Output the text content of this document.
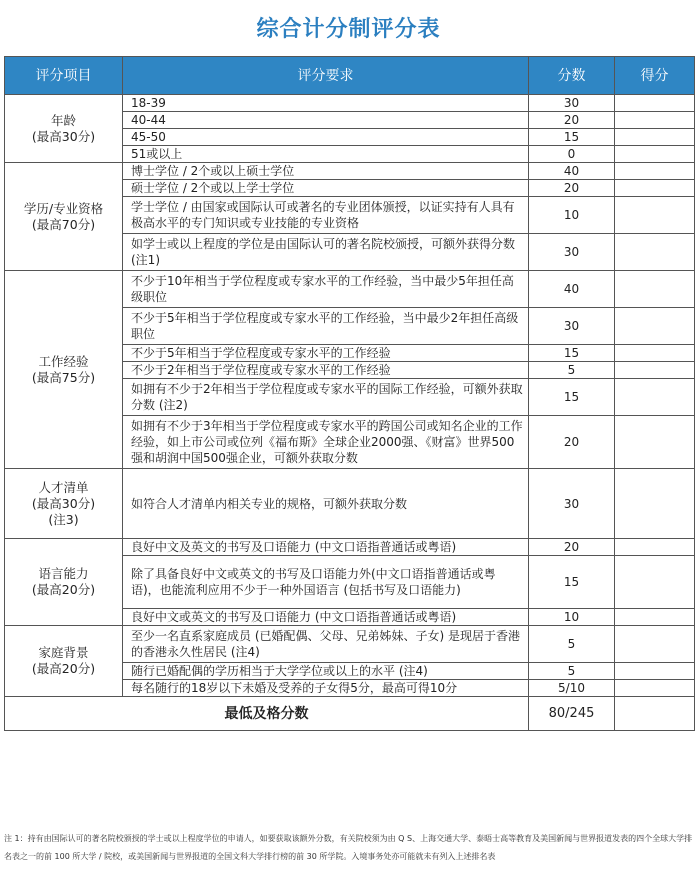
综合计分制评分表
评分项目	评分要求	分数	得分

年龄
(最高30分)	18-39	30	
	40-44	20	
	45-50	15	
	51或以上	0	

学历/专业资格
(最高70分)	博士学位 / 2个或以上硕士学位	40	
	硕士学位 / 2个或以上学士学位	20	
	学士学位 / 由国家或国际认可或著名的专业团体颁授，以证实持有人具有极高水平的专门知识或专业技能的专业资格	10	
	如学士或以上程度的学位是由国际认可的著名院校颁授，可额外获得分数 (注1)	30	

工作经验
(最高75分)	不少于10年相当于学位程度或专家水平的工作经验，当中最少5年担任高级职位	40	
	不少于5年相当于学位程度或专家水平的工作经验，当中最少2年担任高级职位	30	
	不少于5年相当于学位程度或专家水平的工作经验	15	
	不少于2年相当于学位程度或专家水平的工作经验	5	
	如拥有不少于2年相当于学位程度或专家水平的国际工作经验，可额外获取分数 (注2)	15	
	如拥有不少于3年相当于学位程度或专家水平的跨国公司或知名企业的工作经验，如上市公司或位列《福布斯》全球企业2000强、《财富》世界500强和胡润中国500强企业，可额外获取分数	20	

人才清单
(最高30分)
(注3)	如符合人才清单内相关专业的规格，可额外获取分数	30	

语言能力
(最高20分)	良好中文及英文的书写及口语能力 (中文口语指普通话或粤语)	20	
	除了具备良好中文或英文的书写及口语能力外(中文口语指普通话或粤语)，也能流利应用不少于一种外国语言 (包括书写及口语能力)	15	
	良好中文或英文的书写及口语能力 (中文口语指普通话或粤语)	10	

家庭背景
(最高20分)	至少一名直系家庭成员 (已婚配偶、父母、兄弟姊妹、子女) 是现居于香港的香港永久性居民 (注4)	5	
	随行已婚配偶的学历相当于大学学位或以上的水平 (注4)	5	
	每名随行的18岁以下未婚及受养的子女得5分，最高可得10分	5/10	
最低及格分数		80/245	
注 1：持有由国际认可的著名院校颁授的学士或以上程度学位的申请人，如要获取该额外分数，有关院校须为由 Q S、上海交通大学、泰晤士高等教育及美国新闻与世界报道发表的四个全球大学排名表之一的前 100 所大学 / 院校，或美国新闻与世界报道的全国文科大学排行榜的前 30 所学院。入境事务处亦可能就未有列入上述排名表
